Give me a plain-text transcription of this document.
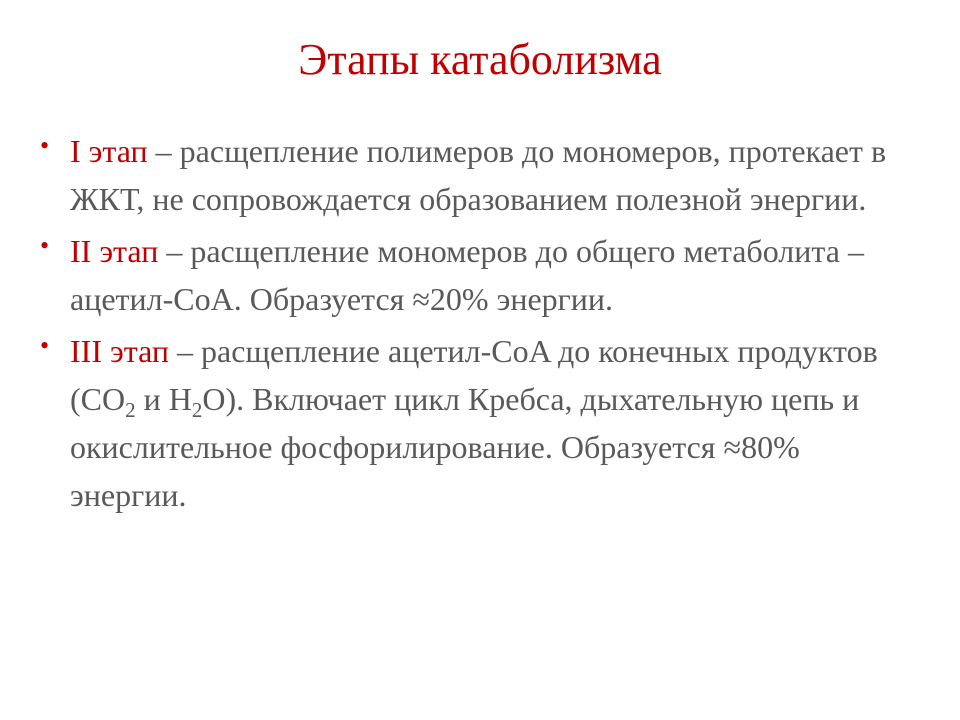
Этапы катаболизма
• I этап – расщепление полимеров до мономеров, протекает в ЖКТ, не сопровождается образованием полезной энергии.
• II этап – расщепление мономеров до общего метаболита – ацетил-CoA. Образуется ≈20% энергии.
• III этап – расщепление ацетил-CoA до конечных продуктов ($CO_2$ и $H_2O$). Включает цикл Кребса, дыхательную цепь и окислительное фосфорилирование. Образуется ≈80% энергии.
